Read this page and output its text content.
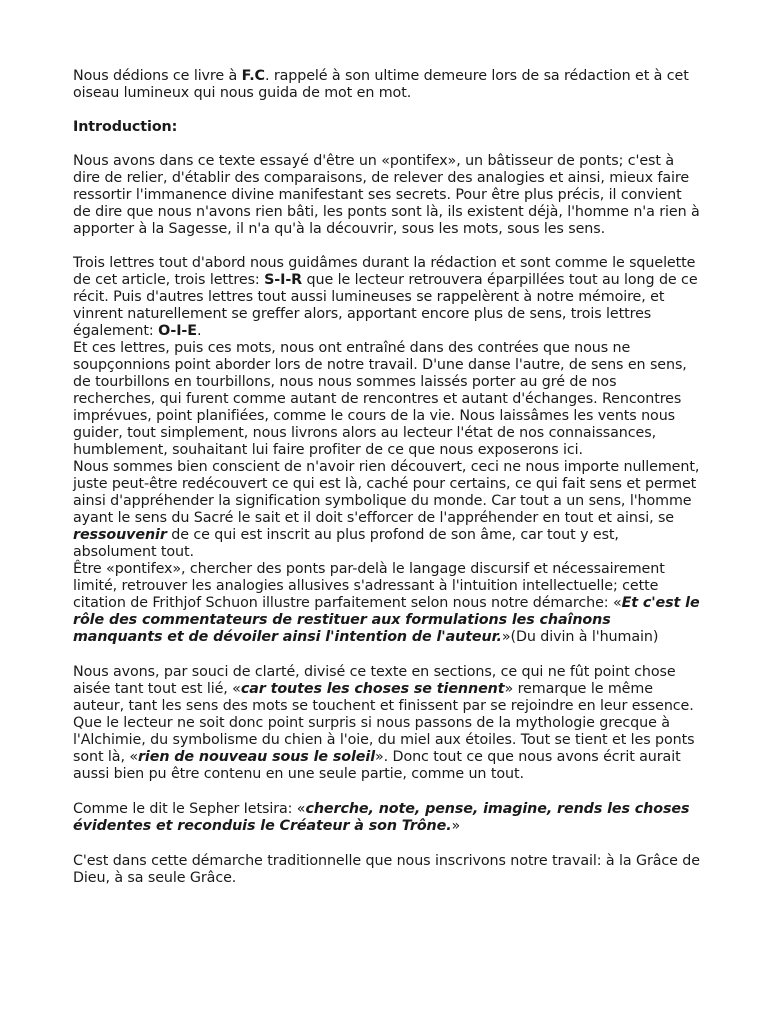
Nous dédions ce livre à F.C. rappelé à son ultime demeure lors de sa rédaction et à cet oiseau lumineux qui nous guida de mot en mot.

Introduction:

Nous avons dans ce texte essayé d'être un «pontifex», un bâtisseur de ponts; c'est à dire de relier, d'établir des comparaisons, de relever des analogies et ainsi, mieux faire ressortir l'immanence divine manifestant ses secrets. Pour être plus précis, il convient de dire que nous n'avons rien bâti, les ponts sont là, ils existent déjà, l'homme n'a rien à apporter à la Sagesse, il n'a qu'à la découvrir, sous les mots, sous les sens.

Trois lettres tout d'abord nous guidâmes durant la rédaction et sont comme le squelette de cet article, trois lettres: S-I-R que le lecteur retrouvera éparpillées tout au long de ce récit. Puis d'autres lettres tout aussi lumineuses se rappelèrent à notre mémoire, et vinrent naturellement se greffer alors, apportant encore plus de sens, trois lettres également: O-I-E.

Et ces lettres, puis ces mots, nous ont entraîné dans des contrées que nous ne soupçonnions point aborder lors de notre travail. D'une danse l'autre, de sens en sens, de tourbillons en tourbillons, nous nous sommes laissés porter au gré de nos recherches, qui furent comme autant de rencontres et autant d'échanges. Rencontres imprévues, point planifiées, comme le cours de la vie. Nous laissâmes les vents nous guider, tout simplement, nous livrons alors au lecteur l'état de nos connaissances, humblement, souhaitant lui faire profiter de ce que nous exposerons ici.

Nous sommes bien conscient de n'avoir rien découvert, ceci ne nous importe nullement, juste peut-être redécouvert ce qui est là, caché pour certains, ce qui fait sens et permet ainsi d'appréhender la signification symbolique du monde. Car tout a un sens, l'homme ayant le sens du Sacré le sait et il doit s'efforcer de l'appréhender en tout et ainsi, se ressouvenir de ce qui est inscrit au plus profond de son âme, car tout y est, absolument tout.

Être «pontifex», chercher des ponts par-delà le langage discursif et nécessairement limité, retrouver les analogies allusives s'adressant à l'intuition intellectuelle; cette citation de Frithjof Schuon illustre parfaitement selon nous notre démarche: «Et c'est le rôle des commentateurs de restituer aux formulations les chaînons manquants et de dévoiler ainsi l'intention de l'auteur.»(Du divin à l'humain)

Nous avons, par souci de clarté, divisé ce texte en sections, ce qui ne fût point chose aisée tant tout est lié, «car toutes les choses se tiennent» remarque le même auteur, tant les sens des mots se touchent et finissent par se rejoindre en leur essence. Que le lecteur ne soit donc point surpris si nous passons de la mythologie grecque à l'Alchimie, du symbolisme du chien à l'oie, du miel aux étoiles. Tout se tient et les ponts sont là, «rien de nouveau sous le soleil». Donc tout ce que nous avons écrit aurait aussi bien pu être contenu en une seule partie, comme un tout.

Comme le dit le Sepher Ietsira: «cherche, note, pense, imagine, rends les choses évidentes et reconduis le Créateur à son Trône.»

C'est dans cette démarche traditionnelle que nous inscrivons notre travail: à la Grâce de Dieu, à sa seule Grâce.
